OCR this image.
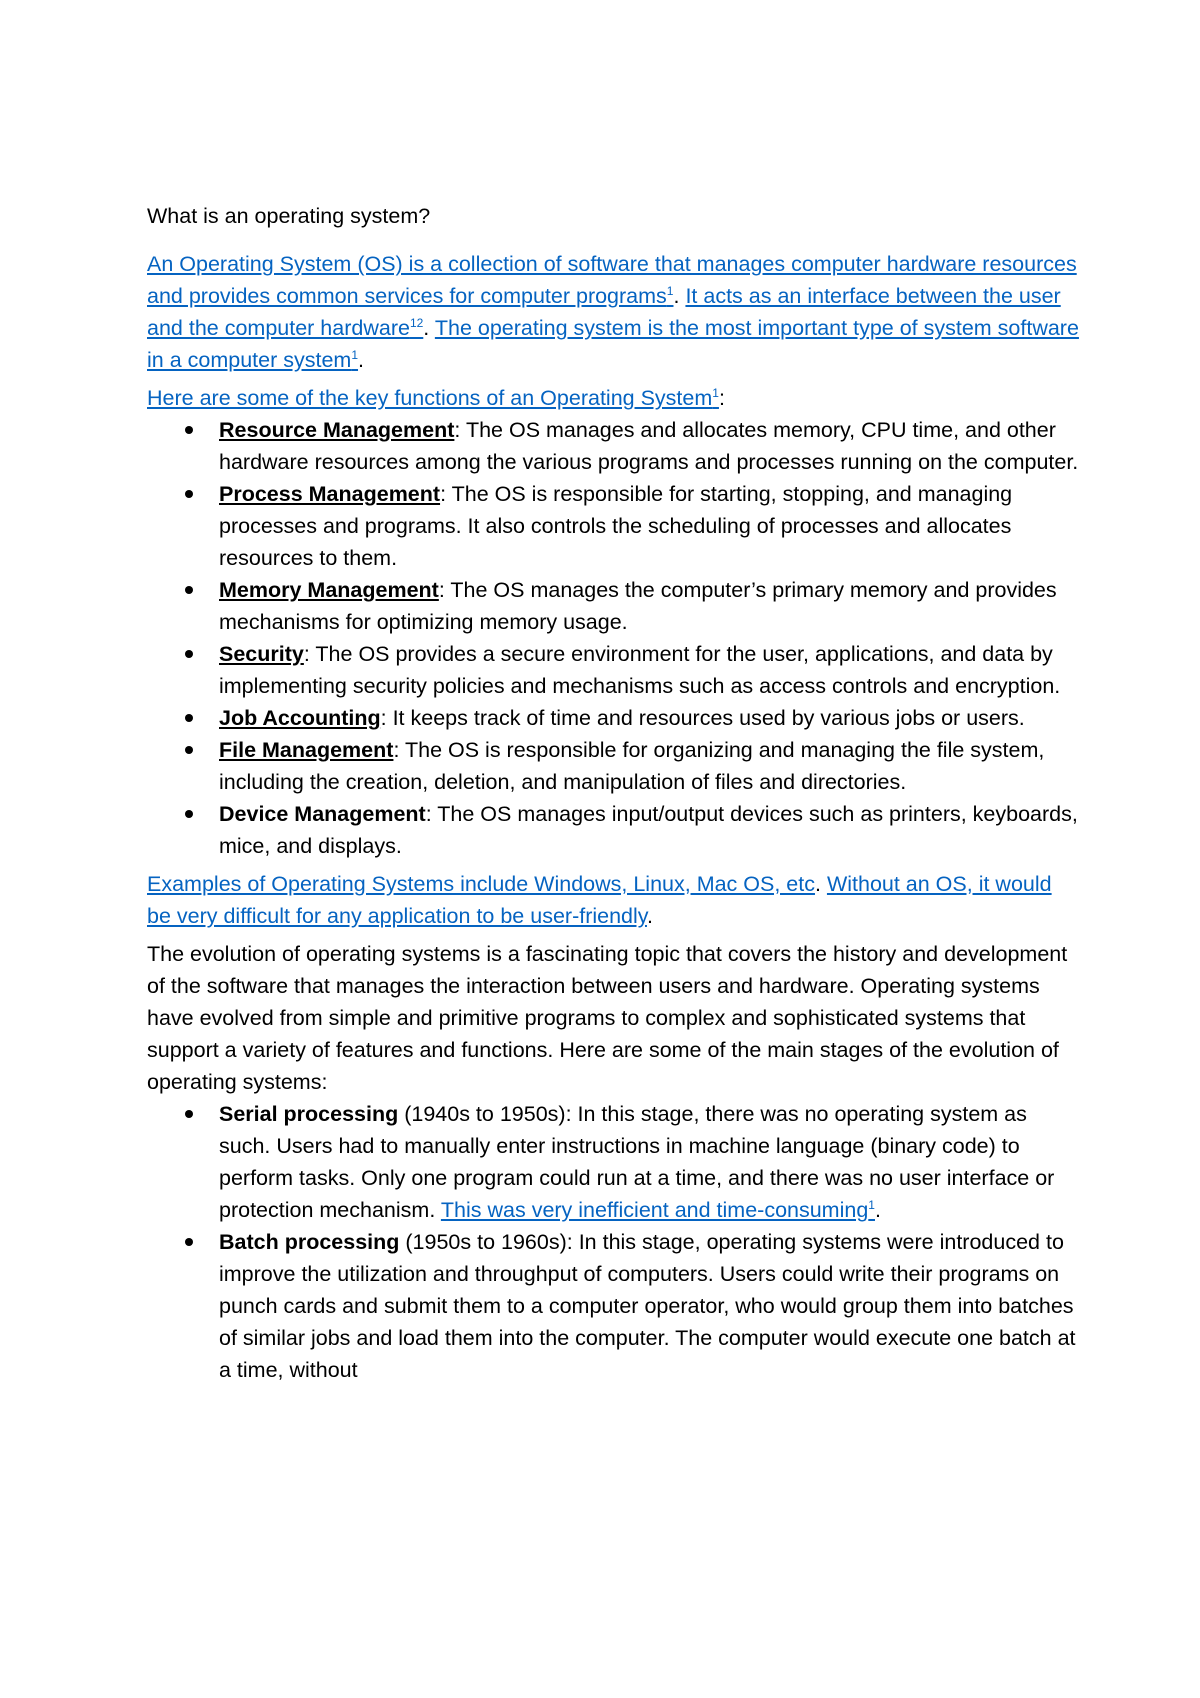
What is an operating system?

An Operating System (OS) is a collection of software that manages computer hardware resources and provides common services for computer programs$^1$. It acts as an interface between the user and the computer hardware$^{12}$. The operating system is the most important type of system software in a computer system$^1$.

Here are some of the key functions of an Operating System$^1$:

Resource Management: The OS manages and allocates memory, CPU time, and other hardware resources among the various programs and processes running on the computer.
Process Management: The OS is responsible for starting, stopping, and managing processes and programs. It also controls the scheduling of processes and allocates resources to them.
Memory Management: The OS manages the computer’s primary memory and provides mechanisms for optimizing memory usage.
Security: The OS provides a secure environment for the user, applications, and data by implementing security policies and mechanisms such as access controls and encryption.
Job Accounting: It keeps track of time and resources used by various jobs or users.
File Management: The OS is responsible for organizing and managing the file system, including the creation, deletion, and manipulation of files and directories.
Device Management: The OS manages input/output devices such as printers, keyboards, mice, and displays.

Examples of Operating Systems include Windows, Linux, Mac OS, etc. Without an OS, it would be very difficult for any application to be user-friendly.

The evolution of operating systems is a fascinating topic that covers the history and development of the software that manages the interaction between users and hardware. Operating systems have evolved from simple and primitive programs to complex and sophisticated systems that support a variety of features and functions. Here are some of the main stages of the evolution of operating systems:

Serial processing (1940s to 1950s): In this stage, there was no operating system as such. Users had to manually enter instructions in machine language (binary code) to perform tasks. Only one program could run at a time, and there was no user interface or protection mechanism. This was very inefficient and time-consuming$^1$.
Batch processing (1950s to 1960s): In this stage, operating systems were introduced to improve the utilization and throughput of computers. Users could write their programs on punch cards and submit them to a computer operator, who would group them into batches of similar jobs and load them into the computer. The computer would execute one batch at a time, without
